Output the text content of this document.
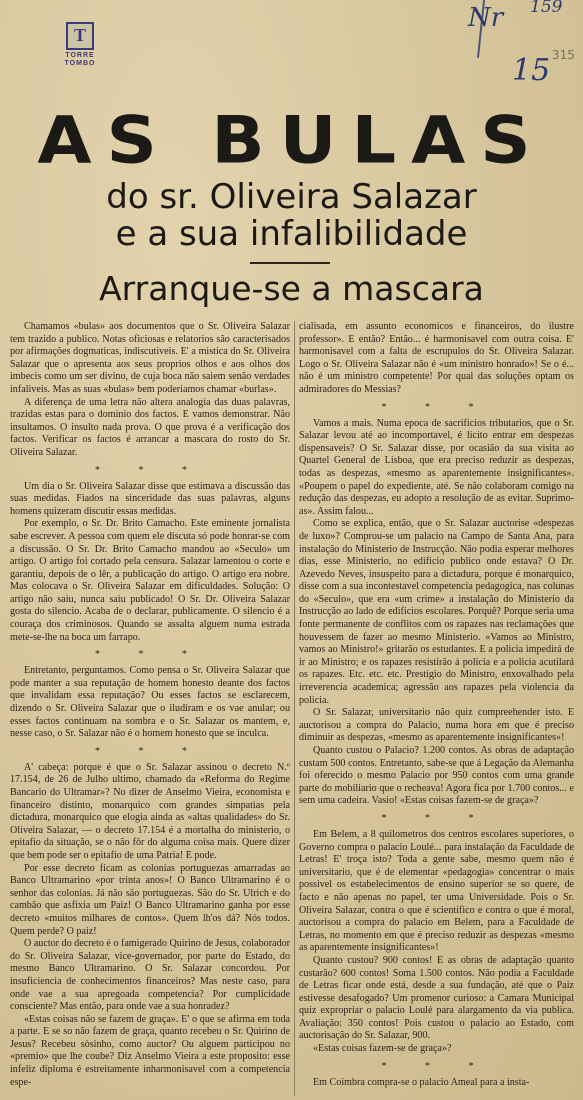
T
TORRE TOMBO
Nr 159
15 315
AS BULAS
do sr. Oliveira Salazar
e a sua infalibilidade
Arranque-se a mascara

Chamamos «bulas» aos documentos que o Sr. Oliveira Salazar tem trazido a publico. Notas oficiosas e relatorios são caracterisados por afirmações dogmaticas, indiscutiveis. E' a mistica do Sr. Oliveira Salazar que o apresenta aos seus proprios olhos e aos olhos dos imbecis como um ser divino, de cuja boca não saiem senão verdades infaliveis. Mas as suas «bulas» bem poderiamos chamar «burlas».

A diferença de uma letra não altera analogia das duas palavras, trazidas estas para o dominio dos factos. E vamos demonstrar. Não insultamos. O insulto nada prova. O que prova é a verificação dos factos. Verificar os factos é arrancar a mascara do rosto do Sr. Oliveira Salazar.

* * *

Um dia o Sr. Oliveira Salazar disse que estimava a discussão das suas medidas. Fiados na sinceridade das suas palavras, alguns homens quizeram discutir essas medidas.

Por exemplo, o Sr. Dr. Brito Camacho. Este eminente jornalista sabe escrever. A pessoa com quem ele discuta só pode honrar-se com a discussão. O Sr. Dr. Brito Camacho mandou ao «Seculo» um artigo. O artigo foi cortado pela censura. Salazar lamentou o corte e garantiu, depois de o lêr, a publicação do artigo. O artigo era nobre. Mas colocava o Sr. Oliveira Salazar em dificuldades. Solução: O artigo não saiu, nunca saiu publicado! O Sr. Dr. Oliveira Salazar gosta do silencio. Acaba de o declarar, publicamente. O silencio é a couraça dos criminosos. Quando se assalta alguem numa estrada mete-se-lhe na boca um farrapo.

* * *

Entretanto, perguntamos. Como pensa o Sr. Oliveira Salazar que pode manter a sua reputação de homem honesto deante dos factos que invalidam essa reputação? Ou esses factos se esclarecem, dizendo o Sr. Oliveira Salazar que o iludiram e os vae anular; ou esses factos continuam na sombra e o Sr. Salazar os mantem, e, nesse caso, o Sr. Salazar não é o homem honesto que se inculca.

* * *

A' cabeça: porque é que o Sr. Salazar assinou o decreto N.º 17.154, de 26 de Julho ultimo, chamado da «Reforma do Regime Bancario do Ultramar»? No dizer de Anselmo Vieira, economista e financeiro distinto, monarquico com grandes simpatias pela dictadura, monarquico que elogia ainda as «altas qualidades» do Sr. Oliveira Salazar, — o decreto 17.154 é a mortalha do ministerio, o epitafio da situação, se o não fôr do alguma coisa mais. Quere dizer que bem pode ser o epitafio de uma Patria! E pode.

Por esse decreto ficam as colonias portuguezas amarradas ao Banco Ultramarino «por trinta anos»! O Banco Ultramarino é o senhor das colonias. Já não são portuguezas. São do Sr. Ulrich e do cambão que asfixia um Paiz! O Banco Ultramarino ganha por esse decreto «muitos milhares de contos». Quem lh'os dá? Nós todos. Quem perde? O paiz!

O auctor do decreto é o famigerado Quirino de Jesus, colaborador do Sr. Oliveira Salazar, vice-governador, por parte do Estado, do mesmo Banco Ultramarino. O Sr. Salazar concordou. Por insuficiencia de conhecimentos financeiros? Mas neste caso, para onde vae a sua apregoada competencia? Por cumplicidade consciente? Mas então, para onde vae a sua honradez?

«Estas coisas não se fazem de graça». E' o que se afirma em toda a parte. E se so não fazem de graça, quanto recebeu o Sr. Quirino de Jesus? Recebeu sòsinho, como auctor? Ou alguem participou no «premio» que lhe coube? Diz Anselmo Vieira a este proposito: esse infeliz diploma é estreitamente inharmonisavel com a competencia espe-

cialisada, em assunto economicos e financeiros, do ilustre professor». E então? Então... é harmonisavel com outra coisa. E' harmonisavel com a falta de escrupulos do Sr. Oliveira Salazar. Logo o Sr. Oliveira Salazar não é «um ministro honrado»! Se o é... não é um ministro competente! Por qual das soluções optam os admiradores do Messias?

* * *

Vamos a mais. Numa epoca de sacrificios tributarios, que o Sr. Salazar levou até ao incomportavel, é licito entrar em despezas dispensaveis? O Sr. Salazar disse, por ocasião da sua visita ao Quartel General de Lisboa, que era preciso reduzir as despezas, todas as despezas, «mesmo as aparentemente insignificantes». «Poupem o papel do expediente, até. Se não colaboram comigo na redução das despezas, eu adopto a resolução de as evitar. Suprimo-as». Assim falou...

Como se explica, então, que o Sr. Salazar auctorise «despezas de luxo»? Comprou-se um palacio na Campo de Santa Ana, para instalação do Ministerio de Instrucção. Não podia esperar melhores dias, esse Ministerio, no edificio publico onde estava? O Dr. Azevedo Neves, insuspeito para a dictadura, porque é monarquico, disse com a sua incontestavel competencia pedagogica, nas colunas do «Seculo», que era «um crime» a instalação do Ministerio da Instrucção ao lado de edificios escolares. Porquê? Porque seria uma fonte permanente de conflitos com os rapazes nas reclamações que houvessem de fazer ao mesmo Ministerio. «Vamos ao Ministro, vamos ao Ministro!» gritarão os estudantes. E a policia impedirá de ir ao Ministro; e os rapazes resistirão á policia e a policia acutilará os rapazes. Etc. etc. etc. Prestigio do Ministro, enxovalhado pela irreverencia academica; agressão aos rapazes pela violencia da policia.

O Sr. Salazar, universitario não quiz compreehender isto. E auctorisou a compra do Palacio, numa hora em que é preciso diminuir as despezas, «mesmo as aparentemente insignificantes»!

Quanto custou o Palacio? 1.200 contos. As obras de adaptação custam 500 contos. Entretanto, sabe-se que á Legação da Alemanha foi oferecido o mesmo Palacio por 950 contos com uma grande parte do mobiliario que o recheava! Agora fica por 1.700 contos... e sem uma cadeira. Vasio! «Estas coisas fazem-se de graça»?

* * *

Em Belem, a 8 quilometros dos centros escolares superiores, o Governo compra o palacio Loulé... para instalação da Faculdade de Letras! E' troça isto? Toda a gente sabe, mesmo quem não é universitario, que é de elementar «pedagogia» concentrar o mais possivel os estabelecimentos de ensino superior se so quere, de facto e não apenas no papel, ter uma Universidade. Pois o Sr. Oliveira Salazar, contra o que é scientifico e contra o que é moral, auctorisou a compra do palacio em Belem, para a Faculdade de Letras, no momento em que é preciso reduzir as despezas «mesmo as aparentemente insignificantes»!

Quanto custou? 900 contos! E as obras de adaptação quanto custarão? 600 contos! Soma 1.500 contos. Não podia a Faculdade de Letras ficar onde está, desde a sua fundação, até que o Paiz estivesse desafogado? Um promenor curioso: a Camara Municipal quiz expropriar o palacio Loulé para alargamento da via publica. Avaliação: 350 contos! Pois custou o palacio ao Estado, com auctorisação do Sr. Salazar, 900.

«Estas coisas fazem-se de graça»?

* * *

Em Coimbra compra-se o palacio Ameal para a insta-
